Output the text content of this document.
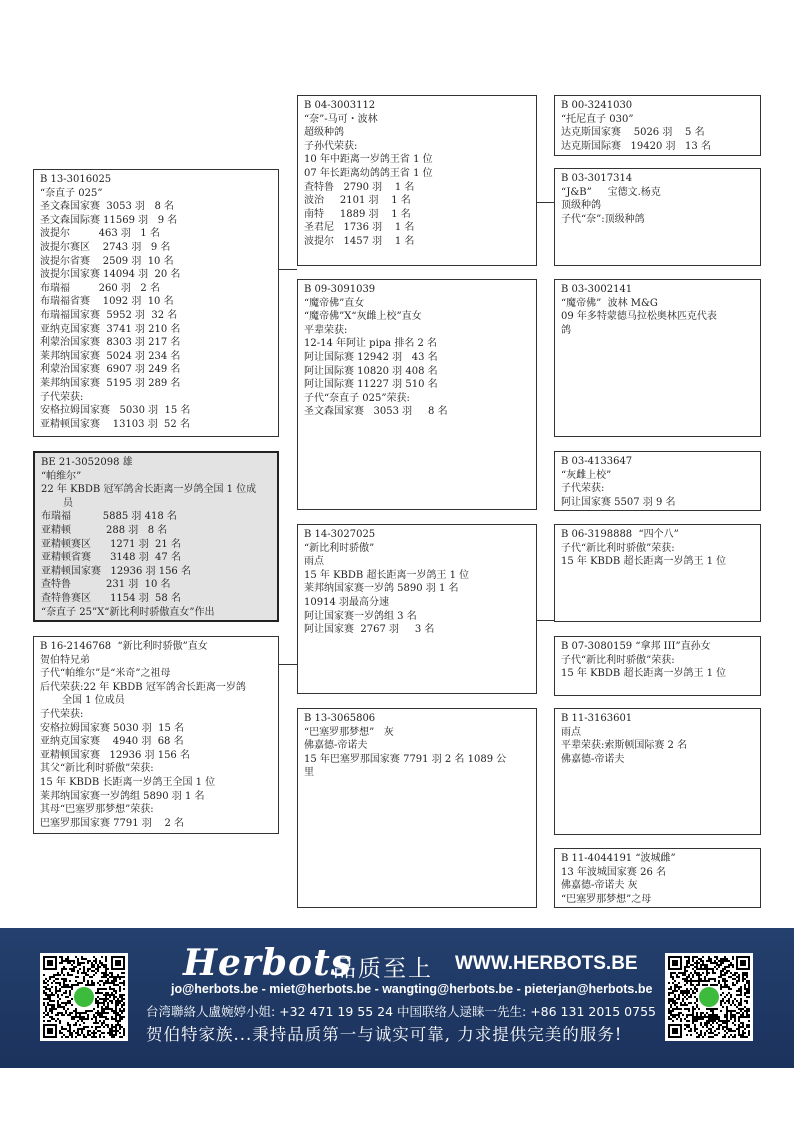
B 13-3016025
“奈直子 025”
圣文森国家赛  3053 羽   8 名
圣文森国际赛 11569 羽   9 名
波提尔         463 羽   1 名
波提尔赛区    2743 羽   9 名
波提尔省赛    2509 羽  10 名
波提尔国家赛 14094 羽  20 名
布瑞福         260 羽   2 名
布瑞福省赛    1092 羽  10 名
布瑞福国家赛  5952 羽  32 名
亚纳克国家赛  3741 羽 210 名
利蒙治国家赛  8303 羽 217 名
莱邦纳国家赛  5024 羽 234 名
利蒙治国家赛  6907 羽 249 名
莱邦纳国家赛  5195 羽 289 名
子代荣获:
安格拉姆国家赛   5030 羽  15 名
亚精顿国家赛    13103 羽  52 名
BE 21-3052098 雄
“帕维尔”
22 年 KBDB 冠军鸽舍长距离一岁鸽全国 1 位成
员
布瑞福          5885 羽 418 名
亚精顿           288 羽   8 名
亚精顿赛区      1271 羽  21 名
亚精顿省赛      3148 羽  47 名
亚精顿国家赛   12936 羽 156 名
查特鲁           231 羽  10 名
查特鲁赛区      1154 羽  58 名
“奈直子 25”X“新比利时骄傲直女”作出
B 16-2146768  “新比利时骄傲”直女
贺伯特兄弟
子代“帕维尔”是“米奇”之祖母
后代荣获:22 年 KBDB 冠军鸽舍长距离一岁鸽
全国 1 位成员
子代荣获:
安格拉姆国家赛 5030 羽  15 名
亚纳克国家赛    4940 羽  68 名
亚精顿国家赛   12936 羽 156 名
其父“新比利时骄傲”荣获:
15 年 KBDB 长距离一岁鸽王全国 1 位
莱邦纳国家赛一岁鸽组 5890 羽 1 名
其母“巴塞罗那梦想”荣获:
巴塞罗那国家赛 7791 羽    2 名
B 04-3003112
“奈”-马可・波林
超级种鸽
子孙代荣获:
10 年中距离一岁鸽王省 1 位
07 年长距离幼鸽鸽王省 1 位
查特鲁   2790 羽    1 名
波治     2101 羽    1 名
南特     1889 羽    1 名
圣君尼   1736 羽    1 名
波提尔   1457 羽    1 名
B 09-3091039
“魔帝佛”直女
“魔帝佛”X“灰雌上校”直女
平辈荣获:
12-14 年阿让 pipa 排名 2 名
阿让国际赛 12942 羽   43 名
阿让国际赛 10820 羽 408 名
阿让国际赛 11227 羽 510 名
子代“奈直子 025”荣获:
圣文森国家赛   3053 羽     8 名
B 14-3027025
“新比利时骄傲”
雨点
15 年 KBDB 超长距离一岁鸽王 1 位
莱邦纳国家赛一岁鸽 5890 羽 1 名
10914 羽最高分速
阿让国家赛一岁鸽组 3 名
阿让国家赛  2767 羽     3 名
B 13-3065806
“巴塞罗那梦想”   灰
佛嘉德-帝诺夫
15 年巴塞罗那国家赛 7791 羽 2 名 1089 公
里
B 00-3241030
“托尼直子 030”
达克斯国家赛    5026 羽    5 名
达克斯国际赛   19420 羽   13 名
B 03-3017314
“J&B”     宝德文.杨克
顶级种鸽
子代“奈”:顶级种鸽
B 03-3002141
“魔帝佛”  波林 M&G
09 年多特蒙德马拉松奥林匹克代表
鸽
B 03-4133647
“灰雌上校”
子代荣获:
阿让国家赛 5507 羽 9 名
B 06-3198888  “四个八”
子代“新比利时骄傲”荣获:
15 年 KBDB 超长距离一岁鸽王 1 位
B 07-3080159 “拿邦 III”直孙女
子代“新比利时骄傲”荣获:
15 年 KBDB 超长距离一岁鸽王 1 位
B 11-3163601
雨点
平辈荣获:索斯顿国际赛 2 名
佛嘉德-帝诺夫
B 11-4044191 “波城雌”
13 年波城国家赛 26 名
佛嘉德-帝诺夫 灰
“巴塞罗那梦想”之母
Herbots
品质至上 WWW.HERBOTS.BE
jo@herbots.be - miet@herbots.be - wangting@herbots.be - pieterjan@herbots.be
台湾聯絡人盧婉婷小姐: +32 471 19 55 24 中国联络人逯睐一先生: +86 131 2015 0755
贺伯特家族...秉持品质第一与诚实可靠, 力求提供完美的服务!
